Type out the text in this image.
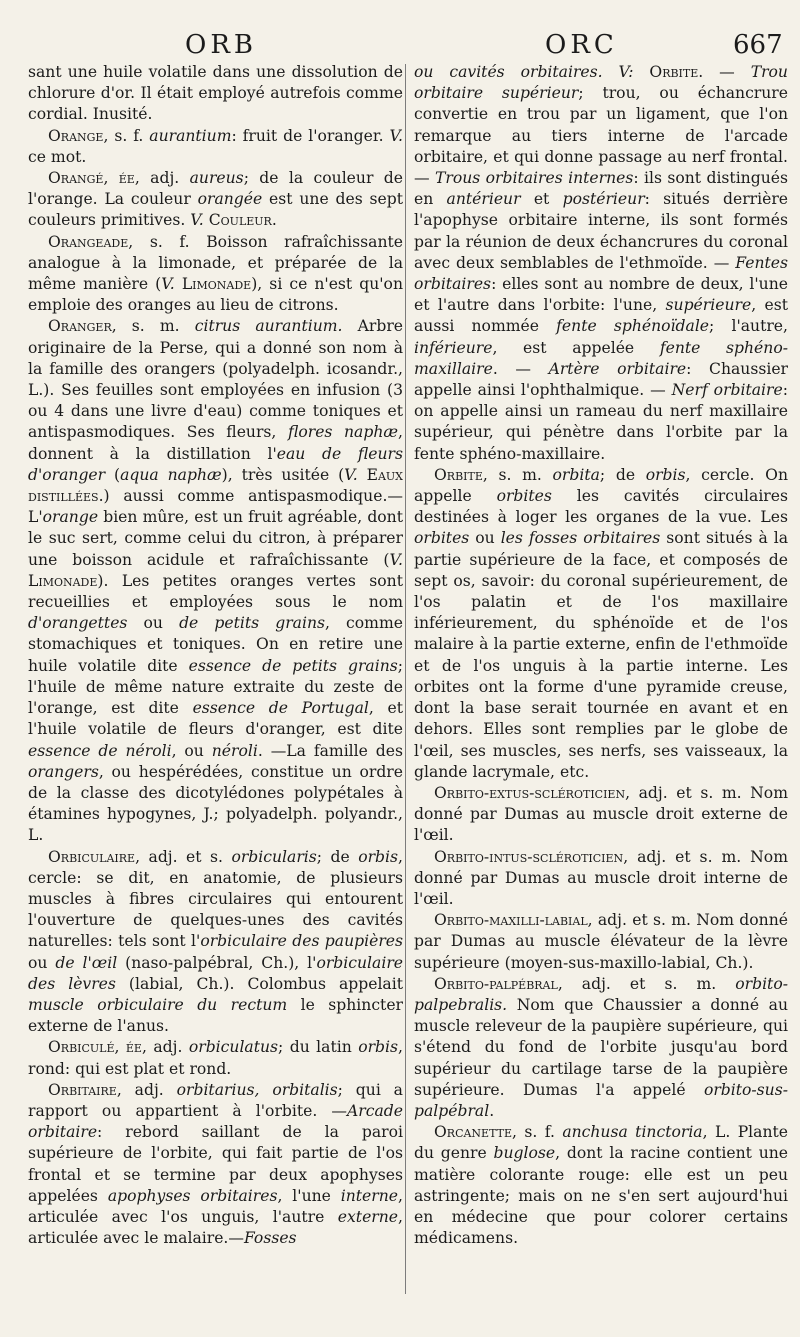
ORB	ORC	667

sant une huile volatile dans une dissolution de chlorure d'or. Il était employé autrefois comme cordial. Inusité.

Orange, s. f. aurantium: fruit de l'oranger. V. ce mot.

Orangé, ée, adj. aureus; de la couleur de l'orange. La couleur orangée est une des sept couleurs primitives. V. Couleur.

Orangeade, s. f. Boisson rafraîchissante analogue à la limonade, et préparée de la même manière (V. Limonade), si ce n'est qu'on emploie des oranges au lieu de citrons.

Oranger, s. m. citrus aurantium. Arbre originaire de la Perse, qui a donné son nom à la famille des orangers (polyadelph. icosandr., L.). Ses feuilles sont employées en infusion (3 ou 4 dans une livre d'eau) comme toniques et antispasmodiques. Ses fleurs, flores naphæ, donnent à la distillation l'eau de fleurs d'oranger (aqua naphæ), très usitée (V. Eaux distillées.) aussi comme antispasmodique.—L'orange bien mûre, est un fruit agréable, dont le suc sert, comme celui du citron, à préparer une boisson acidule et rafraîchissante (V. Limonade). Les petites oranges vertes sont recueillies et employées sous le nom d'orangettes ou de petits grains, comme stomachiques et toniques. On en retire une huile volatile dite essence de petits grains; l'huile de même nature extraite du zeste de l'orange, est dite essence de Portugal, et l'huile volatile de fleurs d'oranger, est dite essence de néroli, ou néroli. —La famille des orangers, ou hespérédées, constitue un ordre de la classe des dicotylédones polypétales à étamines hypogynes, J.; polyadelph. polyandr., L.

Orbiculaire, adj. et s. orbicularis; de orbis, cercle: se dit, en anatomie, de plusieurs muscles à fibres circulaires qui entourent l'ouverture de quelques-unes des cavités naturelles: tels sont l'orbiculaire des paupières ou de l'œil (naso-palpébral, Ch.), l'orbiculaire des lèvres (labial, Ch.). Colombus appelait muscle orbiculaire du rectum le sphincter externe de l'anus.

Orbiculé, ée, adj. orbiculatus; du latin orbis, rond: qui est plat et rond.

Orbitaire, adj. orbitarius, orbitalis; qui a rapport ou appartient à l'orbite. —Arcade orbitaire: rebord saillant de la paroi supérieure de l'orbite, qui fait partie de l'os frontal et se termine par deux apophyses appelées apophyses orbitaires, l'une interne, articulée avec l'os unguis, l'autre externe, articulée avec le malaire.—Fosses

ou cavités orbitaires. V: Orbite. — Trou orbitaire supérieur; trou, ou échancrure convertie en trou par un ligament, que l'on remarque au tiers interne de l'arcade orbitaire, et qui donne passage au nerf frontal. — Trous orbitaires internes: ils sont distingués en antérieur et postérieur: situés derrière l'apophyse orbitaire interne, ils sont formés par la réunion de deux échancrures du coronal avec deux semblables de l'ethmoïde. — Fentes orbitaires: elles sont au nombre de deux, l'une et l'autre dans l'orbite: l'une, supérieure, est aussi nommée fente sphénoïdale; l'autre, inférieure, est appelée fente sphéno-maxillaire. — Artère orbitaire: Chaussier appelle ainsi l'ophthalmique. — Nerf orbitaire: on appelle ainsi un rameau du nerf maxillaire supérieur, qui pénètre dans l'orbite par la fente sphéno-maxillaire.

Orbite, s. m. orbita; de orbis, cercle. On appelle orbites les cavités circulaires destinées à loger les organes de la vue. Les orbites ou les fosses orbitaires sont situés à la partie supérieure de la face, et composés de sept os, savoir: du coronal supérieurement, de l'os palatin et de l'os maxillaire inférieurement, du sphénoïde et de l'os malaire à la partie externe, enfin de l'ethmoïde et de l'os unguis à la partie interne. Les orbites ont la forme d'une pyramide creuse, dont la base serait tournée en avant et en dehors. Elles sont remplies par le globe de l'œil, ses muscles, ses nerfs, ses vaisseaux, la glande lacrymale, etc.

Orbito-extus-scléroticien, adj. et s. m. Nom donné par Dumas au muscle droit externe de l'œil.

Orbito-intus-scléroticien, adj. et s. m. Nom donné par Dumas au muscle droit interne de l'œil.

Orbito-maxilli-labial, adj. et s. m. Nom donné par Dumas au muscle élévateur de la lèvre supérieure (moyen-sus-maxillo-labial, Ch.).

Orbito-palpébral, adj. et s. m. orbito-palpebralis. Nom que Chaussier a donné au muscle releveur de la paupière supérieure, qui s'étend du fond de l'orbite jusqu'au bord supérieur du cartilage tarse de la paupière supérieure. Dumas l'a appelé orbito-sus-palpébral.

Orcanette, s. f. anchusa tinctoria, L. Plante du genre buglose, dont la racine contient une matière colorante rouge: elle est un peu astringente; mais on ne s'en sert aujourd'hui en médecine que pour colorer certains médicamens.
